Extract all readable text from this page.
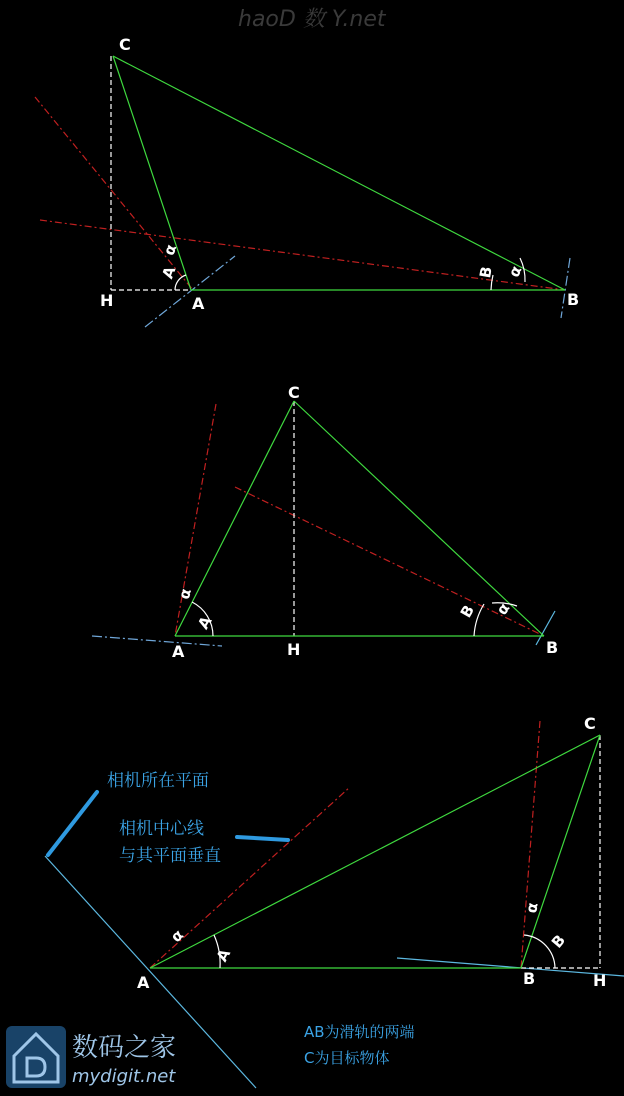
haoD 数 Y.net
C
H	A	B
α
A	B α
C
H
A	B
α
A
B α
C
H
A	B
α
A
α
B
相机所在平面
相机中心线
与其平面垂直
AB为滑轨的两端
C为目标物体
数码之家
mydigit.net
